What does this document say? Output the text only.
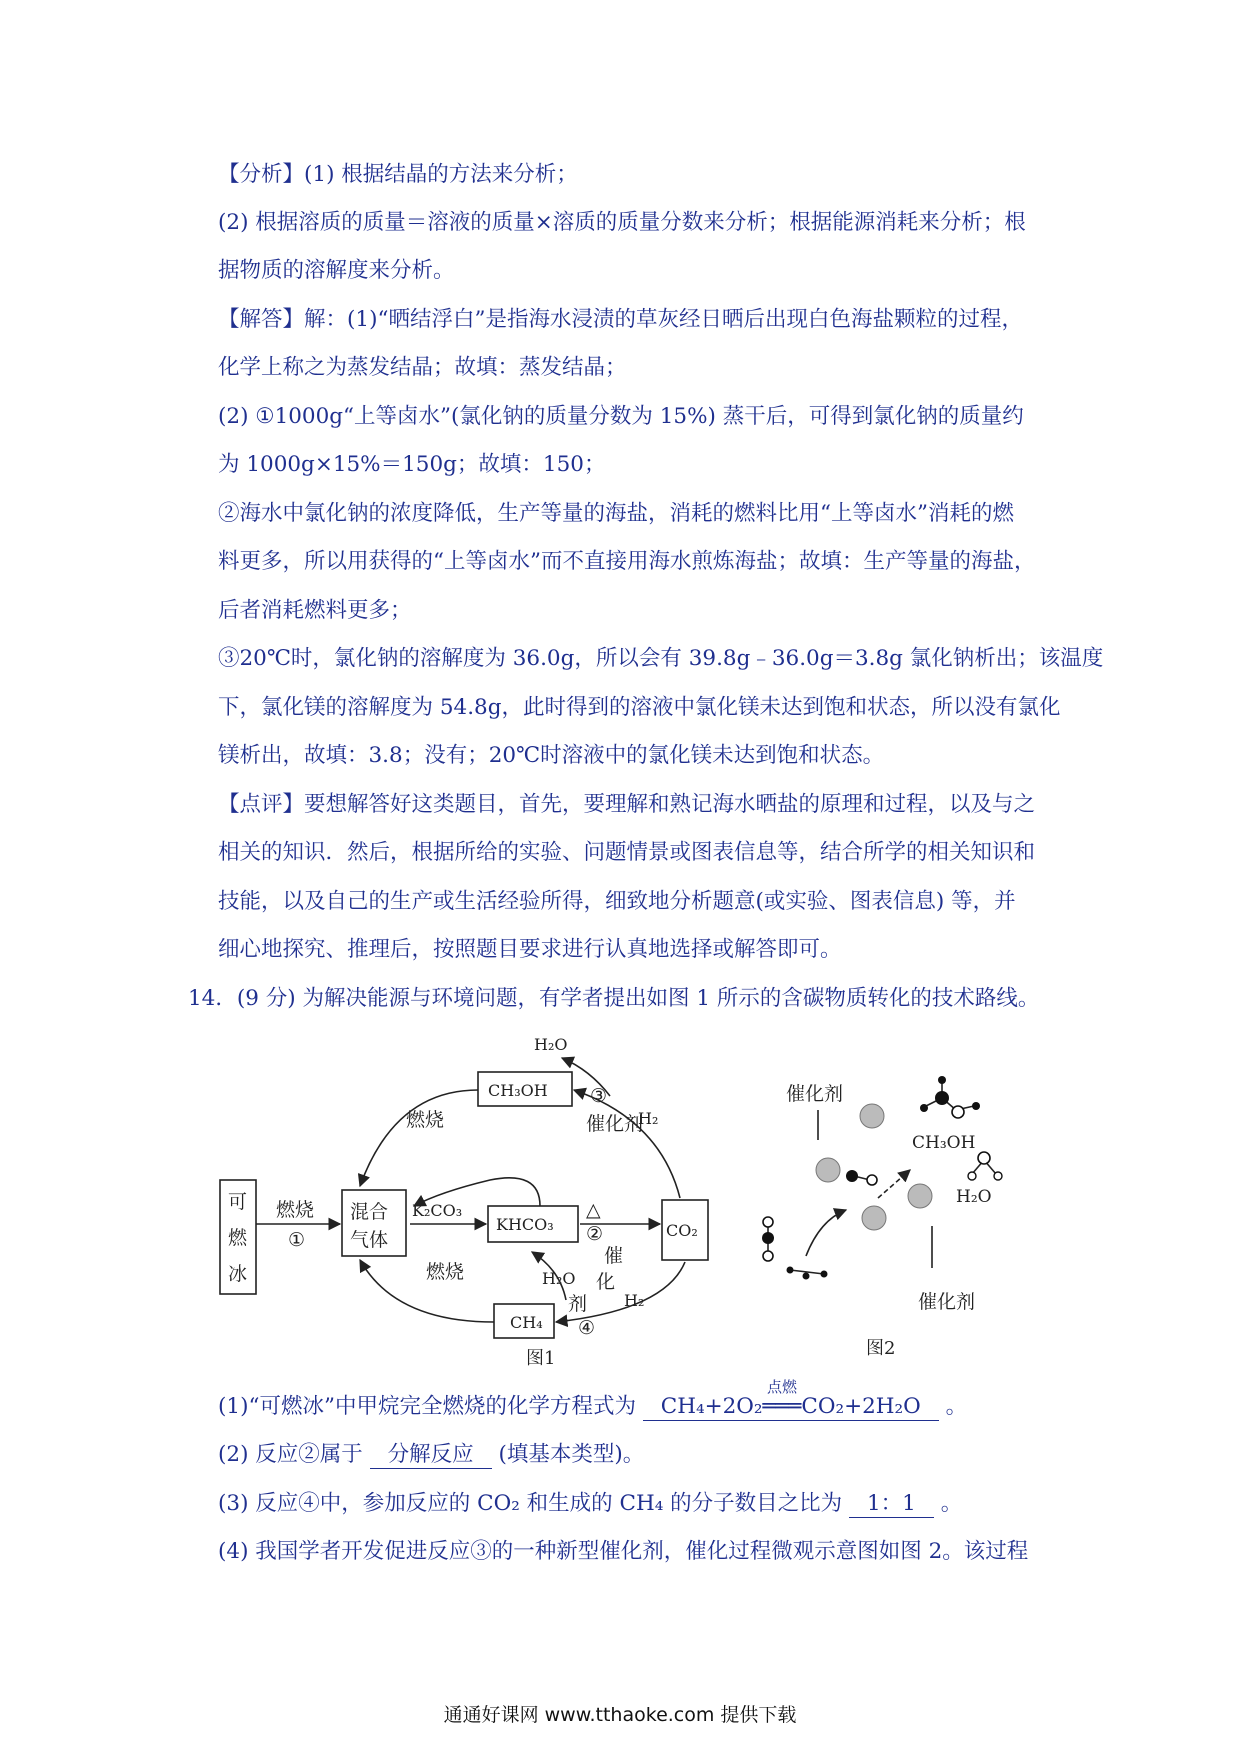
【分析】(1) 根据结晶的方法来分析；
(2) 根据溶质的质量＝溶液的质量×溶质的质量分数来分析；根据能源消耗来分析；根
据物质的溶解度来分析。
【解答】解：(1)“晒结浮白”是指海水浸渍的草灰经日晒后出现白色海盐颗粒的过程，
化学上称之为蒸发结晶；故填：蒸发结晶；
(2) ①1000g“上等卤水”(氯化钠的质量分数为 15%) 蒸干后，可得到氯化钠的质量约
为 1000g×15%＝150g；故填：150；
②海水中氯化钠的浓度降低，生产等量的海盐，消耗的燃料比用“上等卤水”消耗的燃
料更多，所以用获得的“上等卤水”而不直接用海水煎炼海盐；故填：生产等量的海盐，
后者消耗燃料更多；
③20℃时，氯化钠的溶解度为 36.0g，所以会有 39.8g﹣36.0g＝3.8g 氯化钠析出；该温度
下，氯化镁的溶解度为 54.8g，此时得到的溶液中氯化镁未达到饱和状态，所以没有氯化
镁析出，故填：3.8；没有；20℃时溶液中的氯化镁未达到饱和状态。
【点评】要想解答好这类题目，首先，要理解和熟记海水晒盐的原理和过程，以及与之
相关的知识．然后，根据所给的实验、问题情景或图表信息等，结合所学的相关知识和
技能，以及自己的生产或生活经验所得，细致地分析题意(或实验、图表信息) 等，并
细心地探究、推理后，按照题目要求进行认真地选择或解答即可。
14．(9 分) 为解决能源与环境问题，有学者提出如图 1 所示的含碳物质转化的技术路线。
可
燃
冰
燃烧
①
混合
气体
K₂CO₃
KHCO₃
△
②	CO₂
CH₃OH
H₂O
③
催化剂
H₂
燃烧
H₂O
催
化
剂 H₂
④
CH₄
燃烧
图1
催化剂
CH₃OH
H₂O
催化剂
图2
(1)“可燃冰”中甲烷完全燃烧的化学方程式为 CH₄+2O₂
点燃
═══CO₂+2H₂O 。
(2) 反应②属于 分解反应 (填基本类型)。
(3) 反应④中，参加反应的 CO₂ 和生成的 CH₄ 的分子数目之比为 1：1 。
(4) 我国学者开发促进反应③的一种新型催化剂，催化过程微观示意图如图 2。该过程
通通好课网 www.tthaoke.com 提供下载
